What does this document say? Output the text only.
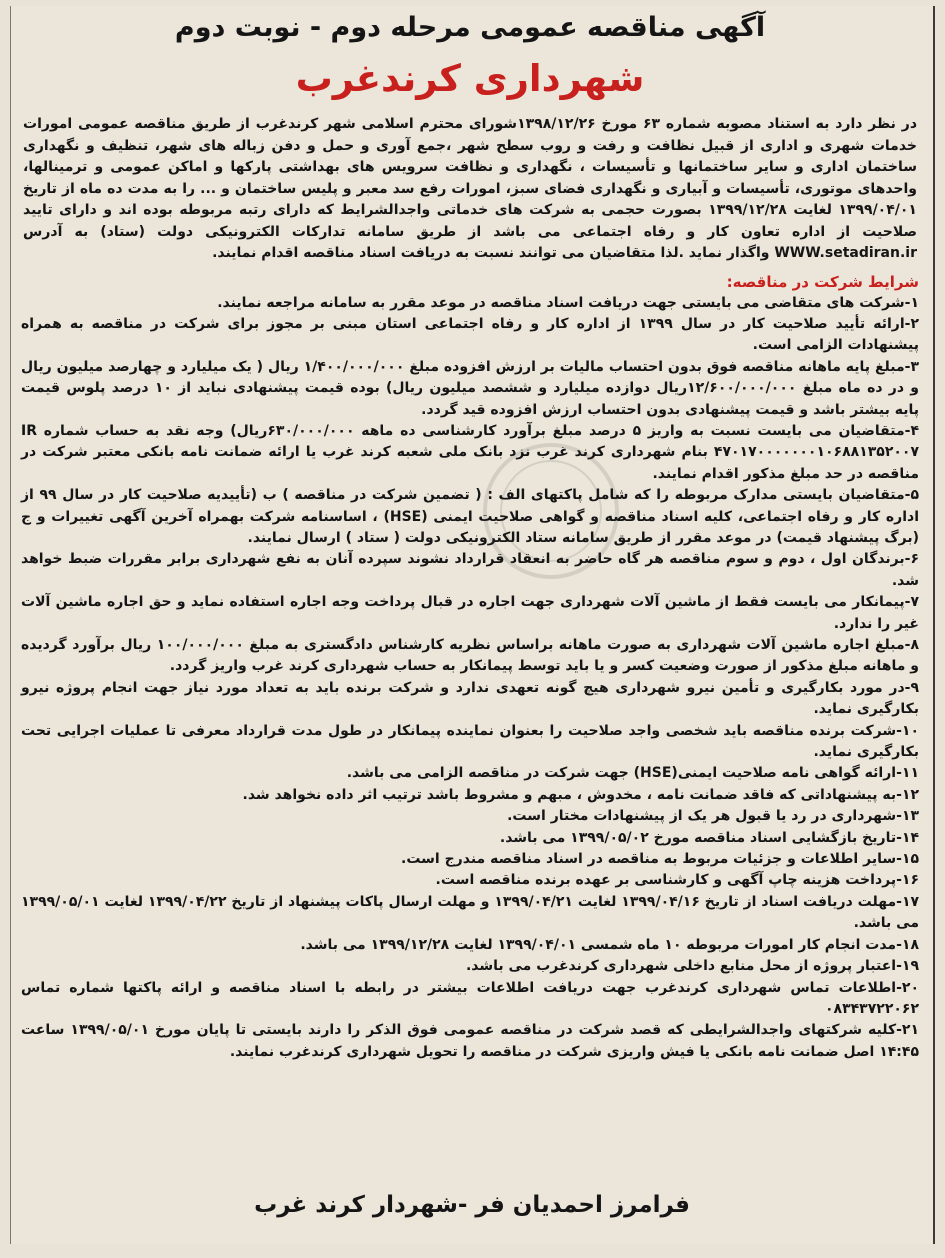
آگهی مناقصه عمومی مرحله دوم - نوبت دوم
شهرداری کرندغرب

در نظر دارد به استناد مصوبه شماره ۶۳ مورخ ۱۳۹۸/۱۲/۲۶شورای محترم اسلامی شهر کرندغرب از طریق مناقصه عمومی امورات خدمات شهری و اداری از قبیل نظافت و رفت و روب سطح شهر ،جمع آوری و حمل و دفن زباله های شهر، تنظیف و نگهداری ساختمان اداری و سایر ساختمانها و تأسیسات ، نگهداری و نظافت سرویس های بهداشتی پارکها و اماکن عمومی و ترمینالها، واحدهای موتوری، تأسیسات و آبیاری و نگهداری فضای سبز، امورات رفع سد معبر و پلیس ساختمان و ... را به مدت ده ماه از تاریخ ۱۳۹۹/۰۴/۰۱ لغایت ۱۳۹۹/۱۲/۲۸ بصورت حجمی به شرکت های خدماتی واجدالشرایط که دارای رتبه مربوطه بوده اند و دارای تایید صلاحیت از اداره تعاون کار و رفاه اجتماعی می باشد از طریق سامانه تدارکات الکترونیکی دولت (ستاد) به آدرس WWW.setadiran.ir واگذار نماید .لذا متقاضیان می توانند نسبت به دریافت اسناد مناقصه اقدام نمایند.

شرایط شرکت در مناقصه:
۱-شرکت های متقاضی می بایستی جهت دریافت اسناد مناقصه در موعد مقرر به سامانه مراجعه نمایند.
۲-ارائه تأیید صلاحیت کار در سال ۱۳۹۹ از اداره کار و رفاه اجتماعی استان مبنی بر مجوز برای شرکت در مناقصه به همراه پیشنهادات الزامی است.
۳-مبلغ پایه ماهانه مناقصه فوق بدون احتساب مالیات بر ارزش افزوده مبلغ ۱/۴۰۰/۰۰۰/۰۰۰ ریال ( یک میلیارد و چهارصد میلیون ریال و در ده ماه مبلغ ۱۲/۶۰۰/۰۰۰/۰۰۰ریال دوازده میلیارد و ششصد میلیون ریال) بوده قیمت پیشنهادی نباید از ۱۰ درصد پلوس قیمت پایه بیشتر باشد و قیمت پیشنهادی بدون احتساب ارزش افزوده قید گردد.
۴-متقاضیان می بایست نسبت به واریز ۵ درصد مبلغ برآورد کارشناسی ده ماهه ۶۳۰/۰۰۰/۰۰۰ریال) وجه نقد به حساب شماره IR ۴۷۰۱۷۰۰۰۰۰۰۰۱۰۶۸۸۱۳۵۲۰۰۷ بنام شهرداری کرند غرب نزد بانک ملی شعبه کرند غرب یا ارائه ضمانت نامه بانکی معتبر شرکت در مناقصه در حد مبلغ مذکور اقدام نمایند.
۵-متقاضیان بایستی مدارک مربوطه را که شامل پاکتهای الف : ( تضمین شرکت در مناقصه ) ب (تأییدیه صلاحیت کار در سال ۹۹ از اداره کار و رفاه اجتماعی، کلیه اسناد مناقصه و گواهی صلاحیت ایمنی (HSE) ، اساسنامه شرکت بهمراه آخرین آگهی تغییرات و ج (برگ پیشنهاد قیمت) در موعد مقرر از طریق سامانه ستاد الکترونیکی دولت ( ستاد ) ارسال نمایند.
۶-برندگان اول ، دوم و سوم مناقصه هر گاه حاضر به انعقاد قرارداد نشوند سپرده آنان به نفع شهرداری برابر مقررات ضبط خواهد شد.
۷-پیمانکار می بایست فقط از ماشین آلات شهرداری جهت اجاره در قبال پرداخت وجه اجاره استفاده نماید و حق اجاره ماشین آلات غیر را ندارد.
۸-مبلغ اجاره ماشین آلات شهرداری به صورت ماهانه براساس نظریه کارشناس دادگستری به مبلغ ۱۰۰/۰۰۰/۰۰۰ ریال برآورد گردیده و ماهانه مبلغ مذکور از صورت وضعیت کسر و یا باید توسط پیمانکار به حساب شهرداری کرند غرب واریز گردد.
۹-در مورد بکارگیری و تأمین نیرو شهرداری هیچ گونه تعهدی ندارد و شرکت برنده باید به تعداد مورد نیاز جهت انجام پروژه نیرو بکارگیری نماید.
۱۰-شرکت برنده مناقصه باید شخصی واجد صلاحیت را بعنوان نماینده پیمانکار در طول مدت قرارداد معرفی تا عملیات اجرایی تحت بکارگیری نماید.
۱۱-ارائه گواهی نامه صلاحیت ایمنی(HSE) جهت شرکت در مناقصه الزامی می باشد.
۱۲-به پیشنهاداتی که فاقد ضمانت نامه ، مخدوش ، مبهم و مشروط باشد ترتیب اثر داده نخواهد شد.
۱۳-شهرداری در رد یا قبول هر یک از پیشنهادات مختار است.
۱۴-تاریخ بازگشایی اسناد مناقصه مورخ ۱۳۹۹/۰۵/۰۲ می باشد.
۱۵-سایر اطلاعات و جزئیات مربوط به مناقصه در اسناد مناقصه مندرج است.
۱۶-پرداخت هزینه چاپ آگهی و کارشناسی بر عهده برنده مناقصه است.
۱۷-مهلت دریافت اسناد از تاریخ ۱۳۹۹/۰۴/۱۶ لغایت ۱۳۹۹/۰۴/۲۱ و مهلت ارسال پاکات پیشنهاد از تاریخ ۱۳۹۹/۰۴/۲۲ لغایت ۱۳۹۹/۰۵/۰۱ می باشد.
۱۸-مدت انجام کار امورات مربوطه ۱۰ ماه شمسی ۱۳۹۹/۰۴/۰۱ لغایت ۱۳۹۹/۱۲/۲۸ می باشد.
۱۹-اعتبار پروژه از محل منابع داخلی شهرداری کرندغرب می باشد.
۲۰-اطلاعات تماس شهرداری کرندغرب جهت دریافت اطلاعات بیشتر در رابطه با اسناد مناقصه و ارائه پاکتها شماره تماس ۰۸۳۴۳۷۲۲۰۶۲
۲۱-کلیه شرکتهای واجدالشرایطی که قصد شرکت در مناقصه عمومی فوق الذکر را دارند بایستی تا پایان مورخ ۱۳۹۹/۰۵/۰۱ ساعت ۱۴:۴۵ اصل ضمانت نامه بانکی یا فیش واریزی شرکت در مناقصه را تحویل شهرداری کرندغرب نمایند.
فرامرز احمدیان فر -شهردار کرند غرب
